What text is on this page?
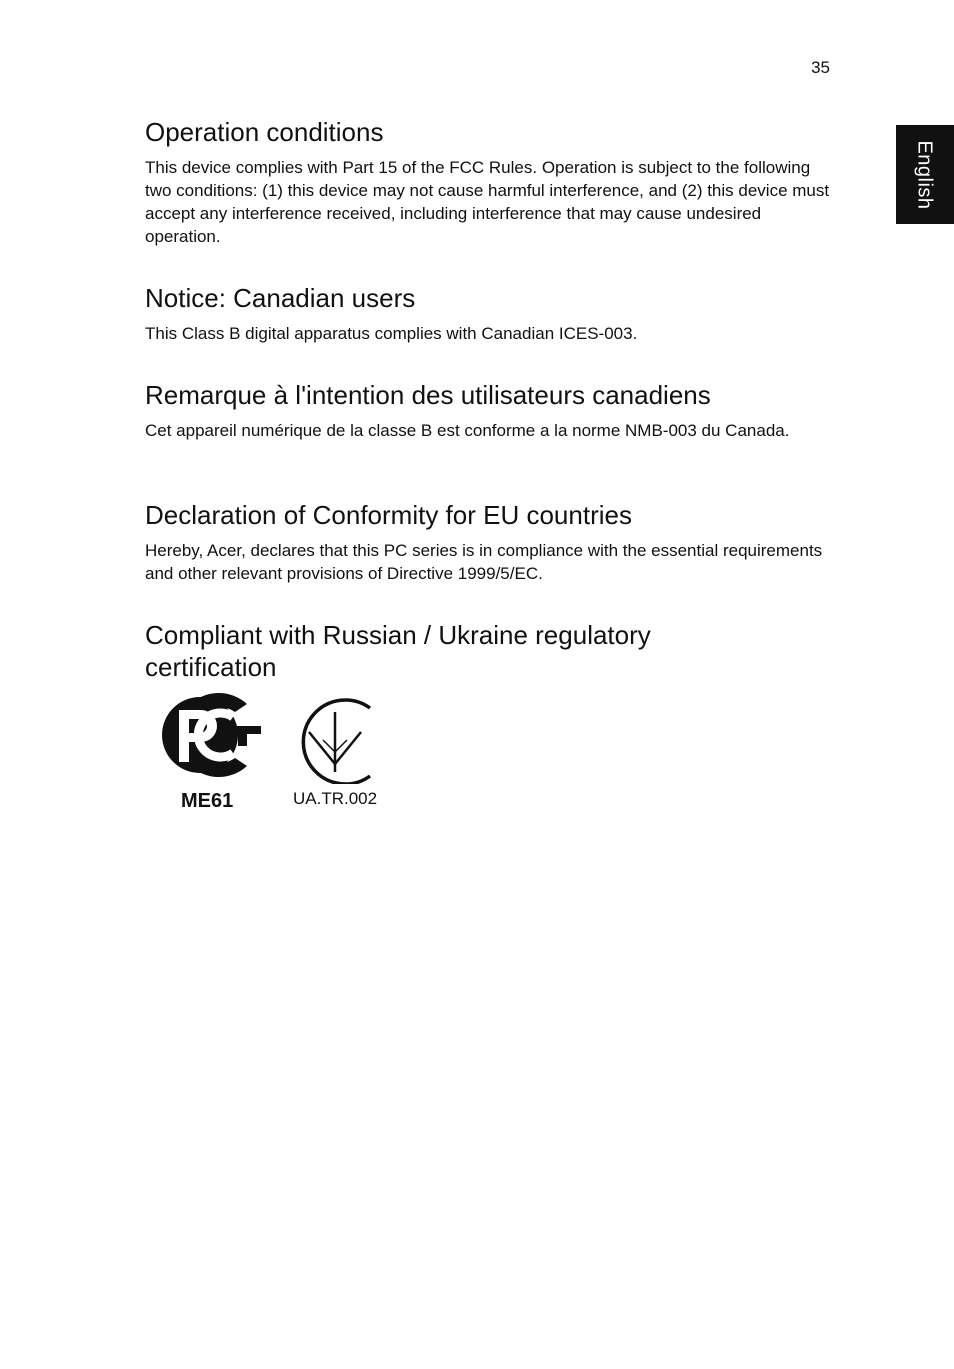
35
English
Operation conditions

This device complies with Part 15 of the FCC Rules. Operation is subject to the following two conditions: (1) this device may not cause harmful interference, and (2) this device must accept any interference received, including interference that may cause undesired operation.

Notice: Canadian users

This Class B digital apparatus complies with Canadian ICES-003.

Remarque à l'intention des utilisateurs canadiens

Cet appareil numérique de la classe B est conforme a la norme NMB-003 du Canada.

Declaration of Conformity for EU countries

Hereby, Acer, declares that this PC series is in compliance with the essential requirements and other relevant provisions of Directive 1999/5/EC.

Compliant with Russian / Ukraine regulatory certification
ME61	UA.TR.002
